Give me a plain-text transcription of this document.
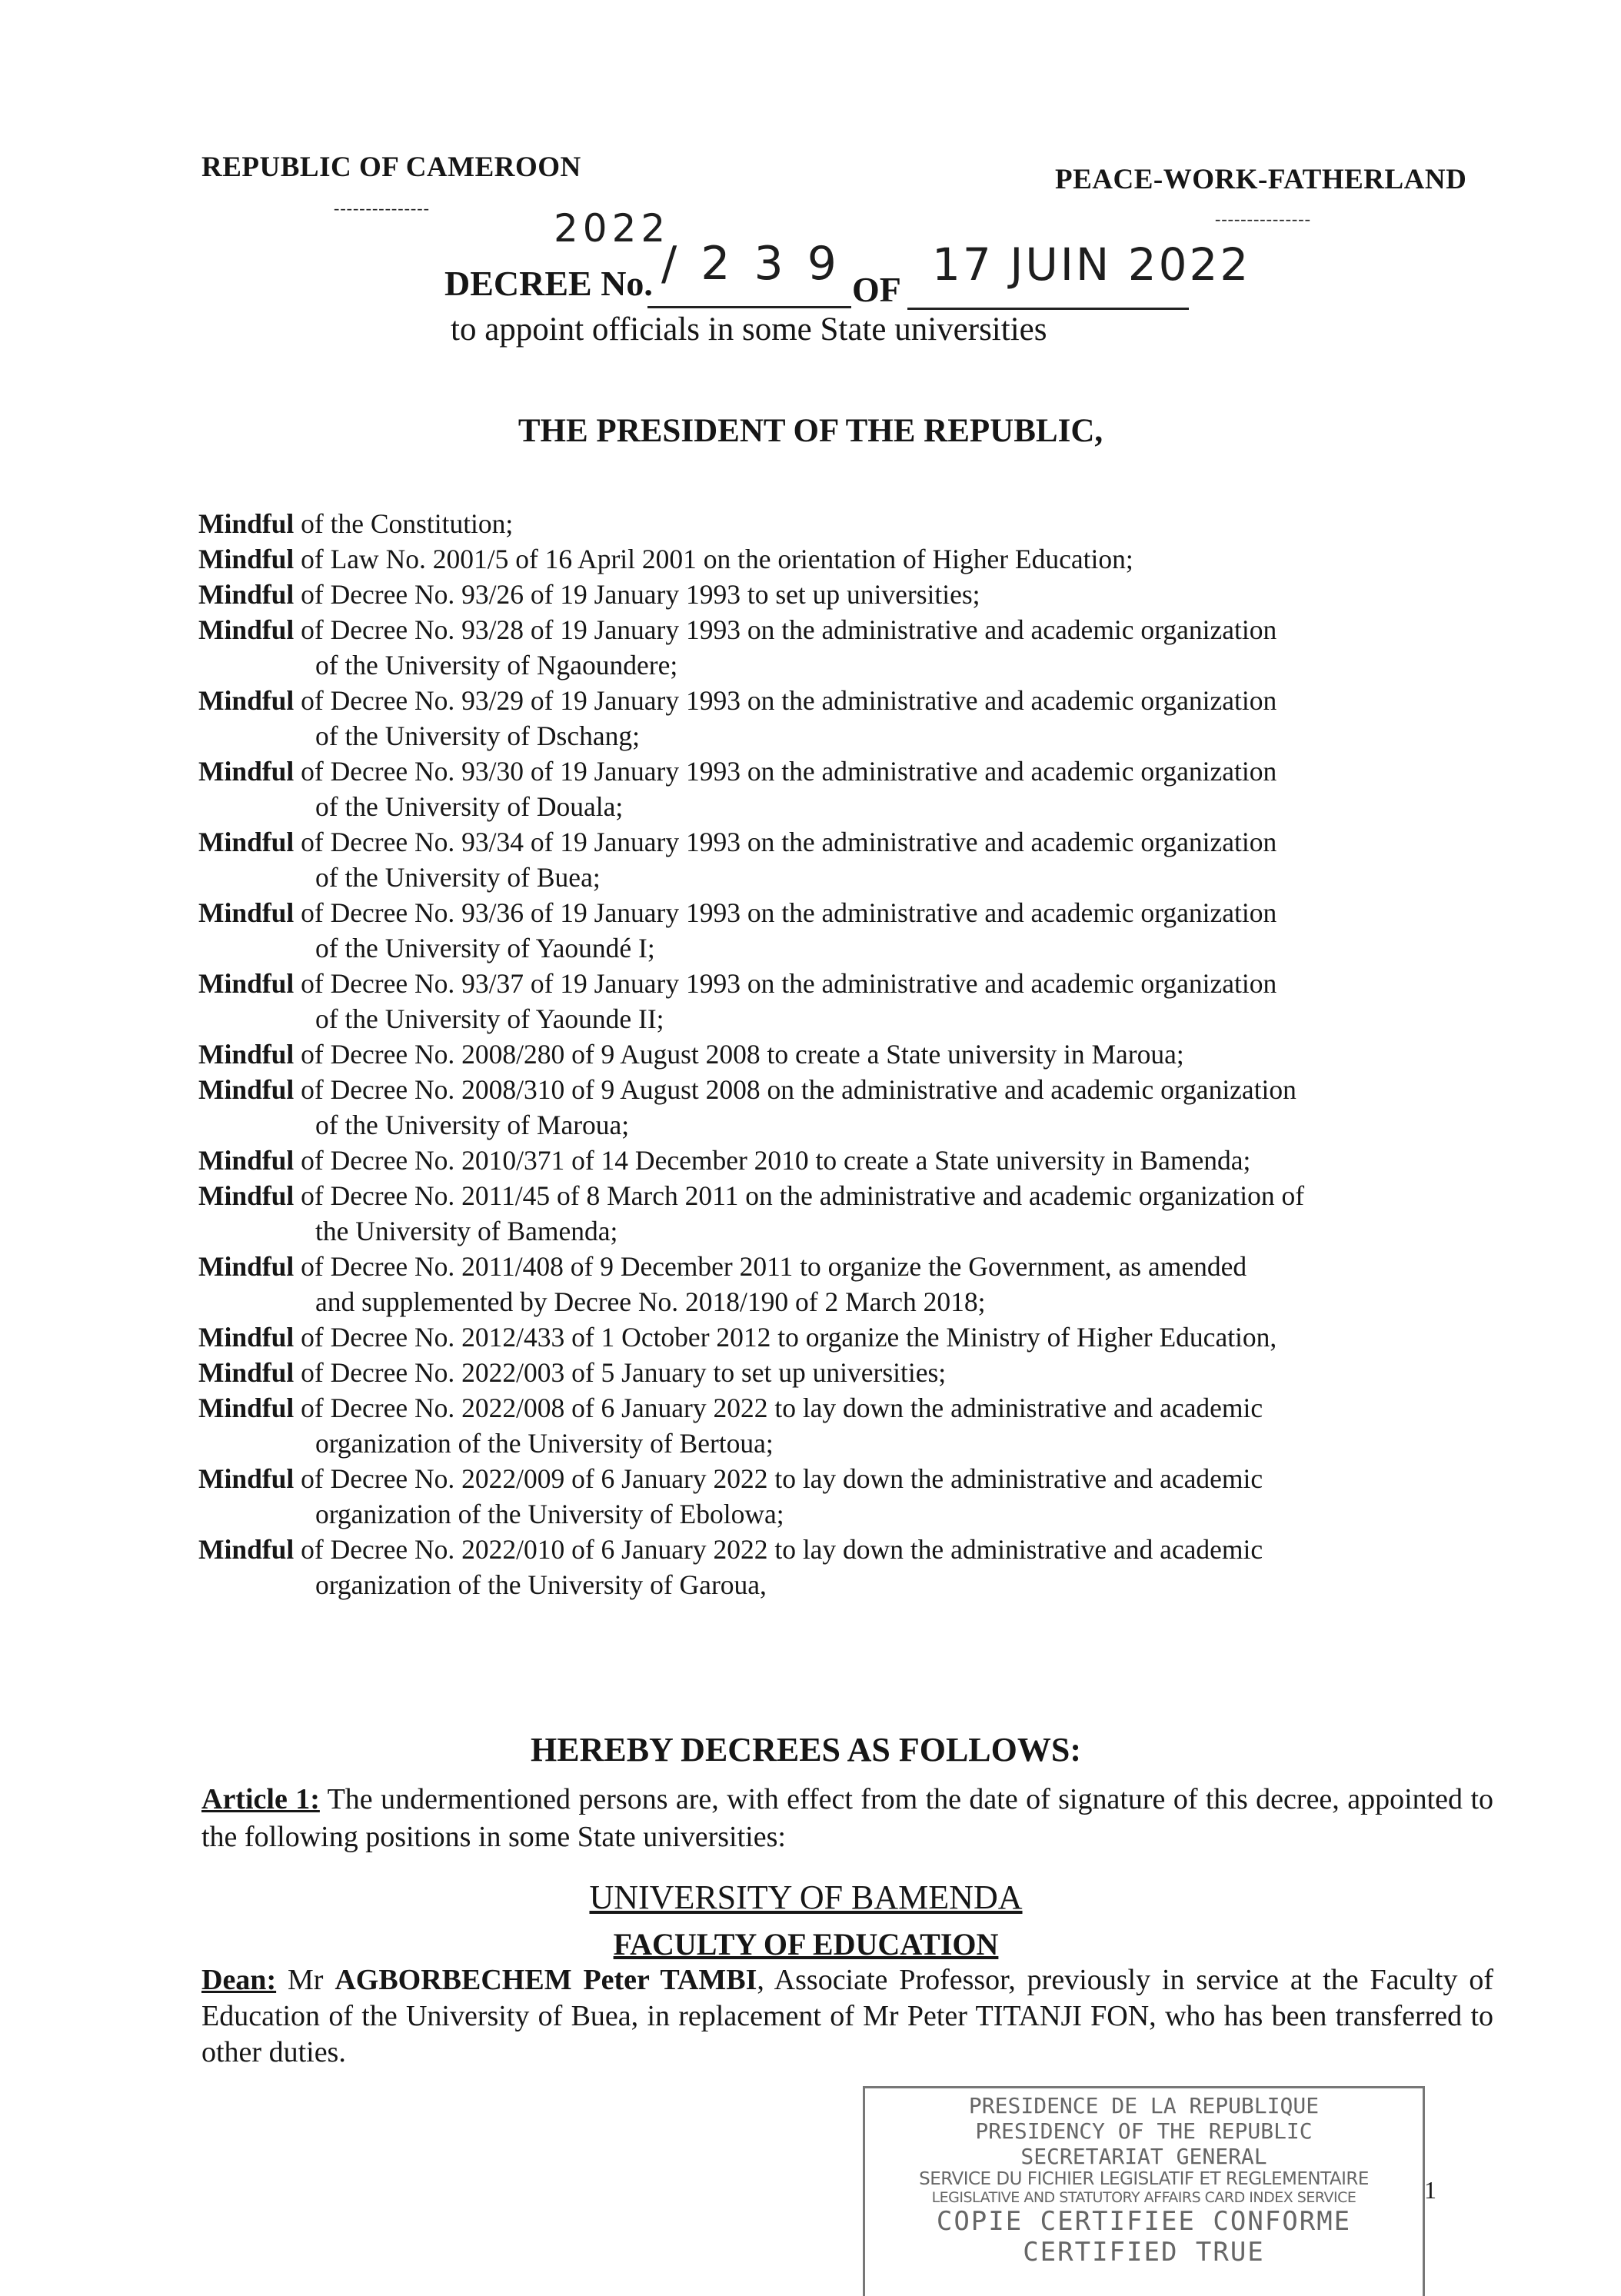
REPUBLIC OF CAMEROON
---------------
PEACE-WORK-FATHERLAND
---------------
2022
/ 2 3 9 17 JUIN 2022
DECREE No.	OF
to appoint officials in some State universities
THE PRESIDENT OF THE REPUBLIC,
Mindful of the Constitution;
Mindful of Law No. 2001/5 of 16 April 2001 on the orientation of Higher Education;
Mindful of Decree No. 93/26 of 19 January 1993 to set up universities;
Mindful of Decree No. 93/28 of 19 January 1993 on the administrative and academic organization
of the University of Ngaoundere;
Mindful of Decree No. 93/29 of 19 January 1993 on the administrative and academic organization
of the University of Dschang;
Mindful of Decree No. 93/30 of 19 January 1993 on the administrative and academic organization
of the University of Douala;
Mindful of Decree No. 93/34 of 19 January 1993 on the administrative and academic organization
of the University of Buea;
Mindful of Decree No. 93/36 of 19 January 1993 on the administrative and academic organization
of the University of Yaoundé I;
Mindful of Decree No. 93/37 of 19 January 1993 on the administrative and academic organization
of the University of Yaounde II;
Mindful of Decree No. 2008/280 of 9 August 2008 to create a State university in Maroua;
Mindful of Decree No. 2008/310 of 9 August 2008 on the administrative and academic organization
of the University of Maroua;
Mindful of Decree No. 2010/371 of 14 December 2010 to create a State university in Bamenda;
Mindful of Decree No. 2011/45 of 8 March 2011 on the administrative and academic organization of
the University of Bamenda;
Mindful of Decree No. 2011/408 of 9 December 2011 to organize the Government, as amended
and supplemented by Decree No. 2018/190 of 2 March 2018;
Mindful of Decree No. 2012/433 of 1 October 2012 to organize the Ministry of Higher Education,
Mindful of Decree No. 2022/003 of 5 January to set up universities;
Mindful of Decree No. 2022/008 of 6 January 2022 to lay down the administrative and academic
organization of the University of Bertoua;
Mindful of Decree No. 2022/009 of 6 January 2022 to lay down the administrative and academic
organization of the University of Ebolowa;
Mindful of Decree No. 2022/010 of 6 January 2022 to lay down the administrative and academic
organization of the University of Garoua,
HEREBY DECREES AS FOLLOWS:
Article 1: The undermentioned persons are, with effect from the date of signature of this decree, appointed to the following positions in some State universities:
UNIVERSITY OF BAMENDA
FACULTY OF EDUCATION
Dean: Mr AGBORBECHEM Peter TAMBI, Associate Professor, previously in service at the Faculty of Education of the University of Buea, in replacement of Mr Peter TITANJI FON, who has been transferred to other duties.
PRESIDENCE DE LA REPUBLIQUE
PRESIDENCY OF THE REPUBLIC
SECRETARIAT GENERAL
SERVICE DU FICHIER LEGISLATIF ET REGLEMENTAIRE
LEGISLATIVE AND STATUTORY AFFAIRS CARD INDEX SERVICE
COPIE CERTIFIEE CONFORME
CERTIFIED TRUE
1
